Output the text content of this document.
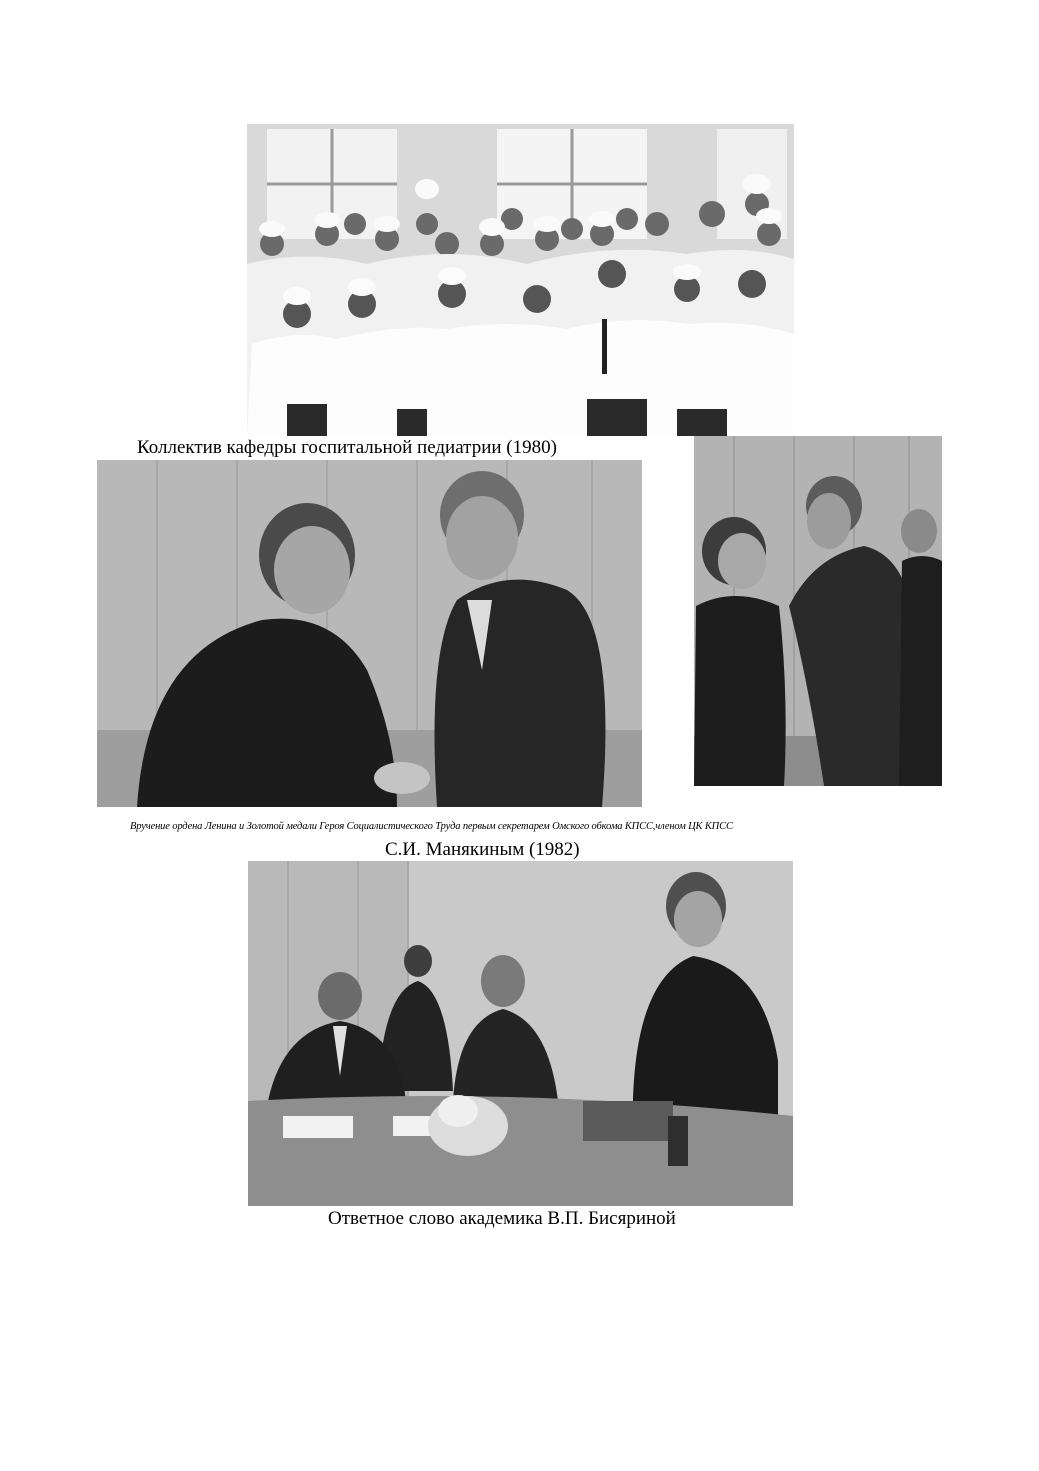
Коллектив кафедры госпитальной педиатрии (1980)
Вручение ордена Ленина и Золотой медали Героя Социалистического Труда первым секретарем Омского обкома КПСС,членом ЦК КПСС
С.И. Манякиным (1982)
Ответное слово академика В.П. Бисяриной
